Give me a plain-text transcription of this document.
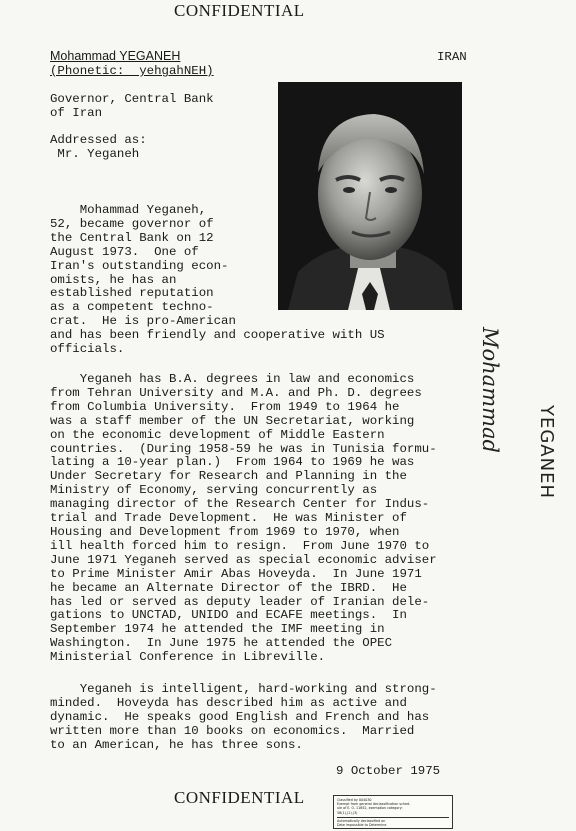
CONFIDENTIAL
Mohammad YEGANEH	IRAN
(Phonetic:  yehgahNEH)
Governor, Central Bank
of Iran
Addressed as:
Mr. Yeganeh
Mohammad Yeganeh,
52, became governor of
the Central Bank on 12
August 1973.  One of
Iran's outstanding econ-
omists, he has an
established reputation
as a competent techno-
crat.  He is pro-American
and has been friendly and cooperative with US
officials.
Yeganeh has B.A. degrees in law and economics
from Tehran University and M.A. and Ph. D. degrees
from Columbia University.  From 1949 to 1964 he
was a staff member of the UN Secretariat, working
on the economic development of Middle Eastern
countries.  (During 1958-59 he was in Tunisia formu-
lating a 10-year plan.)  From 1964 to 1969 he was
Under Secretary for Research and Planning in the
Ministry of Economy, serving concurrently as
managing director of the Research Center for Indus-
trial and Trade Development.  He was Minister of
Housing and Development from 1969 to 1970, when
ill health forced him to resign.  From June 1970 to
June 1971 Yeganeh served as special economic adviser
to Prime Minister Amir Abas Hoveyda.  In June 1971
he became an Alternate Director of the IBRD.  He
has led or served as deputy leader of Iranian dele-
gations to UNCTAD, UNIDO and ECAFE meetings.  In
September 1974 he attended the IMF meeting in
Washington.  In June 1975 he attended the OPEC
Ministerial Conference in Libreville.
Yeganeh is intelligent, hard-working and strong-
minded.  Hoveyda has described him as active and
dynamic.  He speaks good English and French and has
written more than 10 books on economics.  Married
to an American, he has three sons.
9 October 1975
CONFIDENTIAL
Mohammad	YEGANEH
Classified by 004030
Exempt from general declassification sched-
ule of E. O. 11652, exemption category:
5B(1),(2),(3)
Automatically declassified on
Date impossible to Determine
